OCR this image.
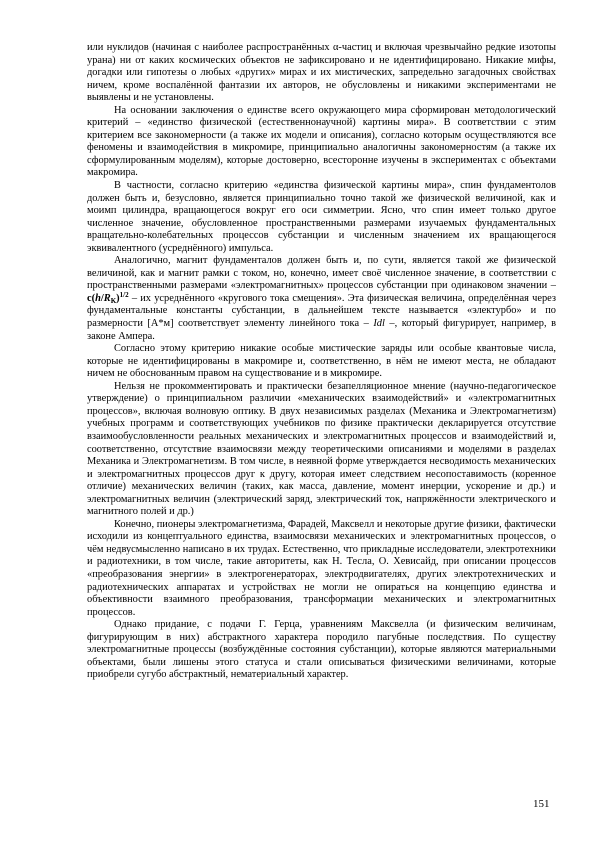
или нуклидов (начиная с наиболее распространённых α-частиц и включая чрезвычайно редкие изотопы урана) ни от каких космических объектов не зафиксировано и не идентифицировано. Никакие мифы, догадки или гипотезы о любых «других» мирах и их мистических, запредельно загадочных свойствах ничем, кроме воспалённой фантазии их авторов, не обусловлены и никакими экспериментами не выявлены и не установлены.

На основании заключения о единстве всего окружающего мира сформирован методологический критерий – «единство физической (естественнонаучной) картины мира». В соответствии с этим критерием все закономерности (а также их модели и описания), согласно которым осуществляются все феномены и взаимодействия в микромире, принципиально аналогичны закономерностям (а также их сформулированным моделям), которые достоверно, всесторонне изучены в экспериментах с объектами макромира.

В частности, согласно критерию «единства физической картины мира», спин фундаментолов должен быть и, безусловно, является принципиально точно такой же физической величиной, как и моимп цилиндра, вращающегося вокруг его оси симметрии. Ясно, что спин имеет только другое численное значение, обусловленное пространственными размерами изучаемых фундаментальных вращательно-колебательных процессов субстанции и численным значением их вращающегося эквивалентного (усреднённого) импульса.

Аналогично, магнит фундаменталов должен быть и, по сути, является такой же физической величиной, как и магнит рамки с током, но, конечно, имеет своё численное значение, в соответствии с пространственными размерами «электромагнитных» процессов субстанции при одинаковом значении – $c(h/R_K)^{1/2}$ – их усреднённого «кругового тока смещения». Эта физическая величина, определённая через фундаментальные константы субстанции, в дальнейшем тексте называется «электурбо» и по размерности [А*м] соответствует элементу линейного тока – Idl –, который фигурирует, например, в законе Ампера.

Согласно этому критерию никакие особые мистические заряды или особые квантовые числа, которые не идентифицированы в макромире и, соответственно, в нём не имеют места, не обладают ничем не обоснованным правом на существование и в микромире.

Нельзя не прокомментировать и практически безапелляционное мнение (научно-педагогическое утверждение) о принципиальном различии «механических взаимодействий» и «электромагнитных процессов», включая волновую оптику. В двух независимых разделах (Механика и Электромагнетизм) учебных программ и соответствующих учебников по физике практически декларируется отсутствие взаимообусловленности реальных механических и электромагнитных процессов и взаимодействий и, соответственно, отсутствие взаимосвязи между теоретическими описаниями и моделями в разделах Механика и Электромагнетизм. В том числе, в неявной форме утверждается несводимость механических и электромагнитных процессов друг к другу, которая имеет следствием несопоставимость (коренное отличие) механических величин (таких, как масса, давление, момент инерции, ускорение и др.) и электромагнитных величин (электрический заряд, электрический ток, напряжённости электрического и магнитного полей и др.)

Конечно, пионеры электромагнетизма, Фарадей, Максвелл и некоторые другие физики, фактически исходили из концептуального единства, взаимосвязи механических и электромагнитных процессов, о чём недвусмысленно написано в их трудах. Естественно, что прикладные исследователи, электротехники и радиотехники, в том числе, такие авторитеты, как Н. Тесла, О. Хевисайд, при описании процессов «преобразования энергии» в электрогенераторах, электродвигателях, других электротехнических и радиотехнических аппаратах и устройствах не могли не опираться на концепцию единства и объективности взаимного преобразования, трансформации механических и электромагнитных процессов.

Однако придание, с подачи Г. Герца, уравнениям Максвелла (и физическим величинам, фигурирующим в них) абстрактного характера породило пагубные последствия. По существу электромагнитные процессы (возбуждённые состояния субстанции), которые являются материальными объектами, были лишены этого статуса и стали описываться физическими величинами, которые приобрели сугубо абстрактный, нематериальный характер.

151
